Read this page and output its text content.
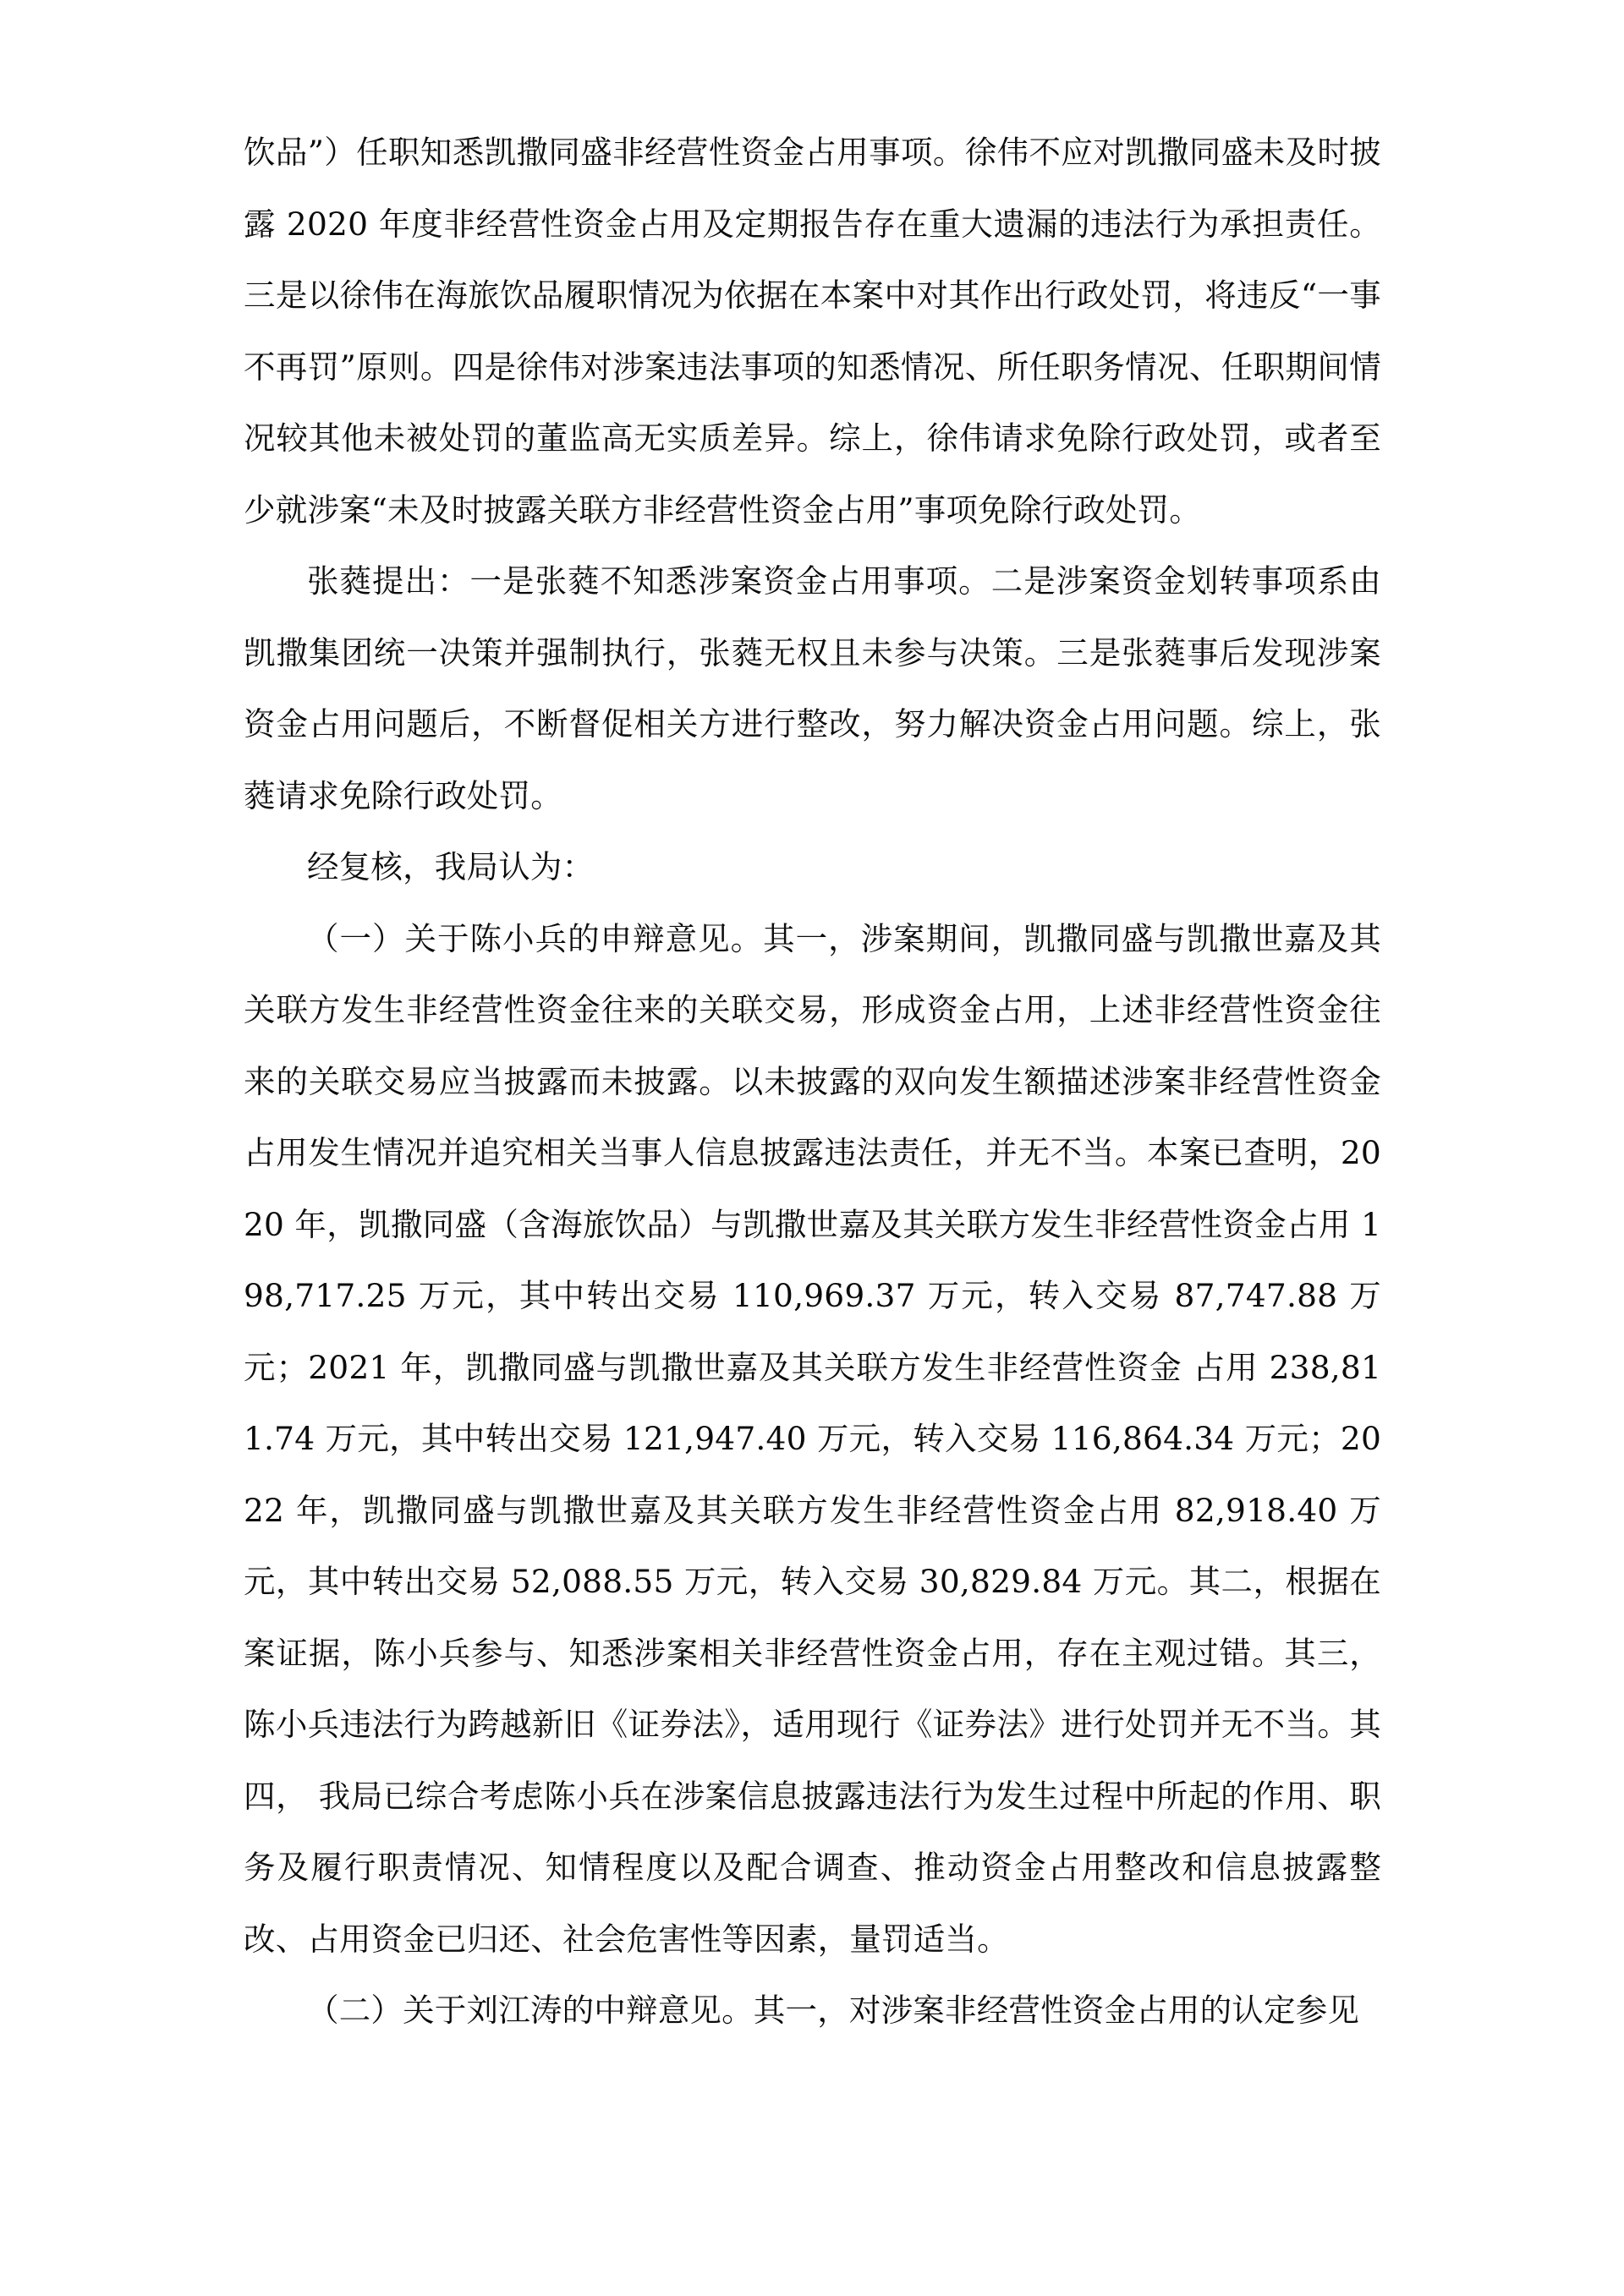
饮品”）任职知悉凯撒同盛非经营性资金占用事项。徐伟不应对凯撒同盛未及时披露 2020 年度非经营性资金占用及定期报告存在重大遗漏的违法行为承担责任。三是以徐伟在海旅饮品履职情况为依据在本案中对其作出行政处罚，将违反“一事不再罚”原则。四是徐伟对涉案违法事项的知悉情况、所任职务情况、任职期间情况较其他未被处罚的董监高无实质差异。综上，徐伟请求免除行政处罚，或者至少就涉案“未及时披露关联方非经营性资金占用”事项免除行政处罚。

张蕤提出：一是张蕤不知悉涉案资金占用事项。二是涉案资金划转事项系由凯撒集团统一决策并强制执行，张蕤无权且未参与决策。三是张蕤事后发现涉案资金占用问题后，不断督促相关方进行整改，努力解决资金占用问题。综上，张蕤请求免除行政处罚。

经复核，我局认为：

（一）关于陈小兵的申辩意见。其一，涉案期间，凯撒同盛与凯撒世嘉及其关联方发生非经营性资金往来的关联交易，形成资金占用，上述非经营性资金往来的关联交易应当披露而未披露。以未披露的双向发生额描述涉案非经营性资金占用发生情况并追究相关当事人信息披露违法责任，并无不当。本案已查明，2020 年，凯撒同盛（含海旅饮品）与凯撒世嘉及其关联方发生非经营性资金占用 198,717.25 万元，其中转出交易 110,969.37 万元，转入交易 87,747.88 万元；2021 年，凯撒同盛与凯撒世嘉及其关联方发生非经营性资金 占用 238,811.74 万元，其中转出交易 121,947.40 万元，转入交易 116,864.34 万元；2022 年，凯撒同盛与凯撒世嘉及其关联方发生非经营性资金占用 82,918.40 万元，其中转出交易 52,088.55 万元，转入交易 30,829.84 万元。其二，根据在案证据，陈小兵参与、知悉涉案相关非经营性资金占用，存在主观过错。其三，陈小兵违法行为跨越新旧《证券法》，适用现行《证券法》进行处罚并无不当。其四， 我局已综合考虑陈小兵在涉案信息披露违法行为发生过程中所起的作用、职务及履行职责情况、知情程度以及配合调查、推动资金占用整改和信息披露整改、占用资金已归还、社会危害性等因素，量罚适当。

（二）关于刘江涛的中辩意见。其一，对涉案非经营性资金占用的认定参见
